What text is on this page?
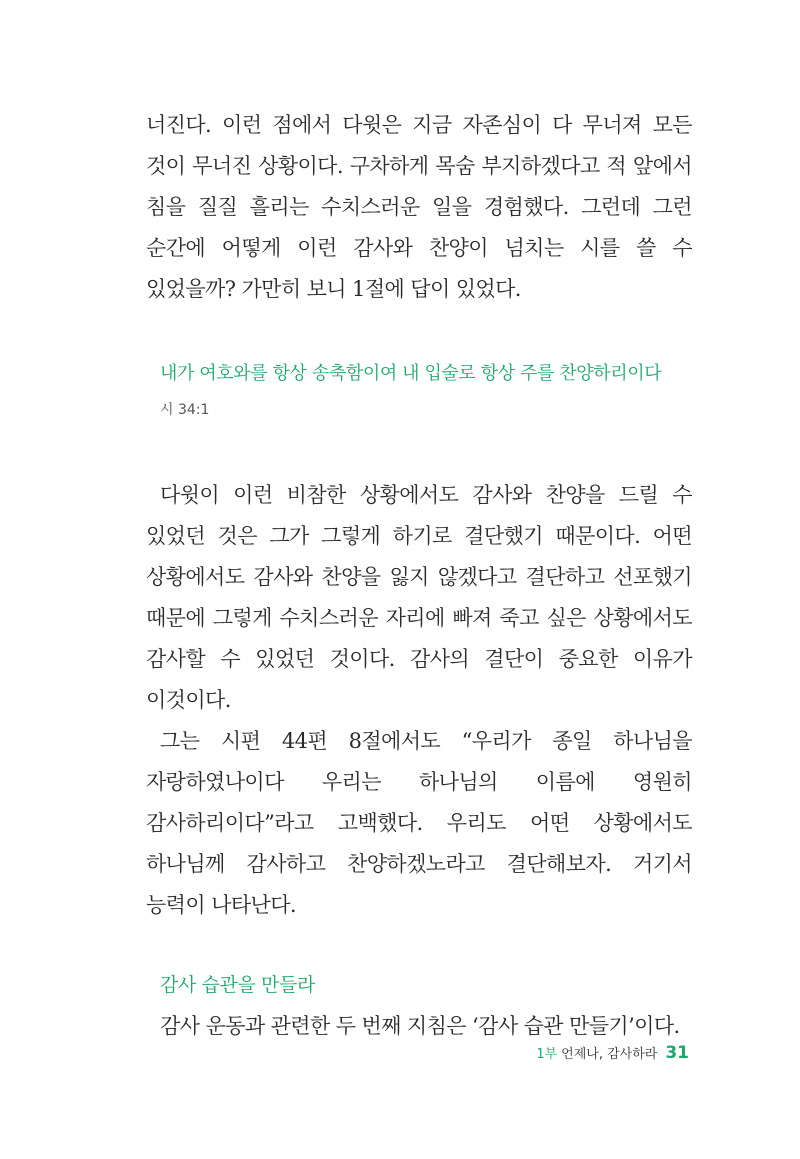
너진다. 이런 점에서 다윗은 지금 자존심이 다 무너져 모든 것이 무너진 상황이다. 구차하게 목숨 부지하겠다고 적 앞에서 침을 질질 흘리는 수치스러운 일을 경험했다. 그런데 그런 순간에 어떻게 이런 감사와 찬양이 넘치는 시를 쓸 수 있었을까? 가만히 보니 1절에 답이 있었다.

내가 여호와를 항상 송축함이여 내 입술로 항상 주를 찬양하리이다
시 34:1

다윗이 이런 비참한 상황에서도 감사와 찬양을 드릴 수 있었던 것은 그가 그렇게 하기로 결단했기 때문이다. 어떤 상황에서도 감사와 찬양을 잃지 않겠다고 결단하고 선포했기 때문에 그렇게 수치스러운 자리에 빠져 죽고 싶은 상황에서도 감사할 수 있었던 것이다. 감사의 결단이 중요한 이유가 이것이다.

그는 시편 44편 8절에서도 “우리가 종일 하나님을 자랑하였나이다 우리는 하나님의 이름에 영원히 감사하리이다”라고 고백했다. 우리도 어떤 상황에서도 하나님께 감사하고 찬양하겠노라고 결단해보자. 거기서 능력이 나타난다.

감사 습관을 만들라

감사 운동과 관련한 두 번째 지침은 ‘감사 습관 만들기’이다.

1부 언제나, 감사하라 31
